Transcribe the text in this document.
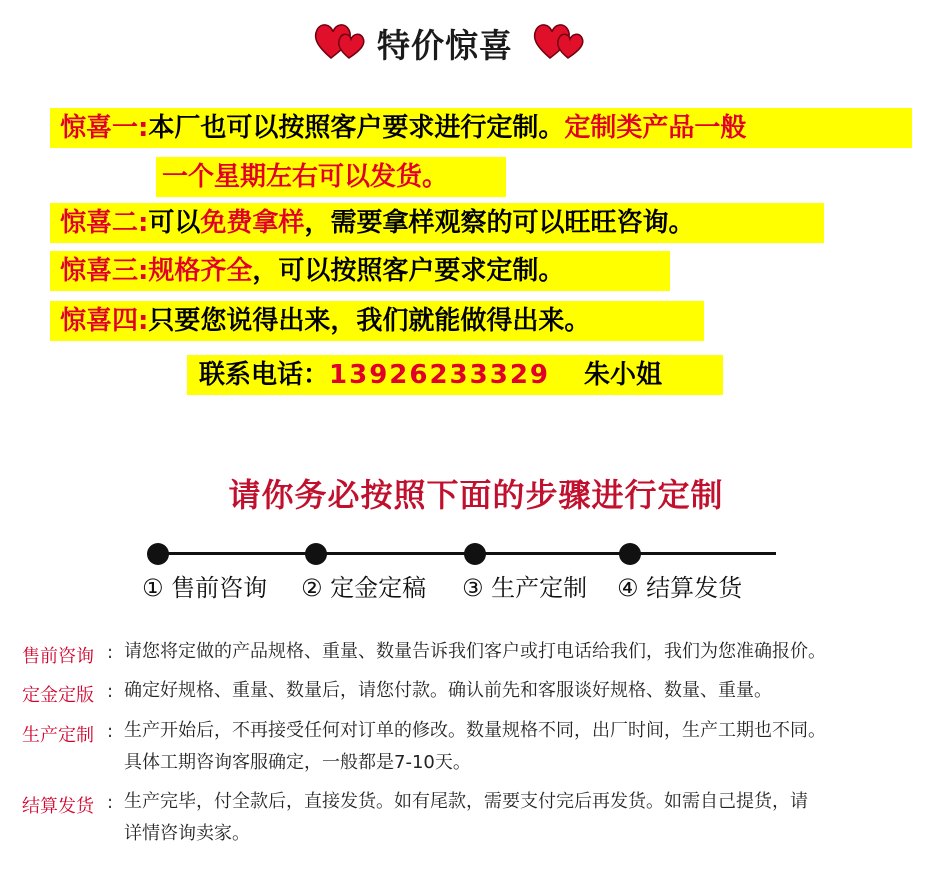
特价惊喜
惊喜一:本厂也可以按照客户要求进行定制。定制类产品一般
一个星期左右可以发货。
惊喜二:可以免费拿样，需要拿样观察的可以旺旺咨询。
惊喜三:规格齐全，可以按照客户要求定制。
惊喜四:只要您说得出来，我们就能做得出来。
联系电话：13926233329 朱小姐
请你务必按照下面的步骤进行定制
① 售前咨询 ② 定金定稿 ③ 生产定制 ④ 结算发货
售前咨询 : 请您将定做的产品规格、重量、数量告诉我们客户或打电话给我们，我们为您准确报价。
定金定版 : 确定好规格、重量、数量后，请您付款。确认前先和客服谈好规格、数量、重量。
生产定制 : 生产开始后，不再接受任何对订单的修改。数量规格不同，出厂时间，生产工期也不同。
具体工期咨询客服确定，一般都是7-10天。
结算发货 : 生产完毕，付全款后，直接发货。如有尾款，需要支付完后再发货。如需自己提货，请
详情咨询卖家。
